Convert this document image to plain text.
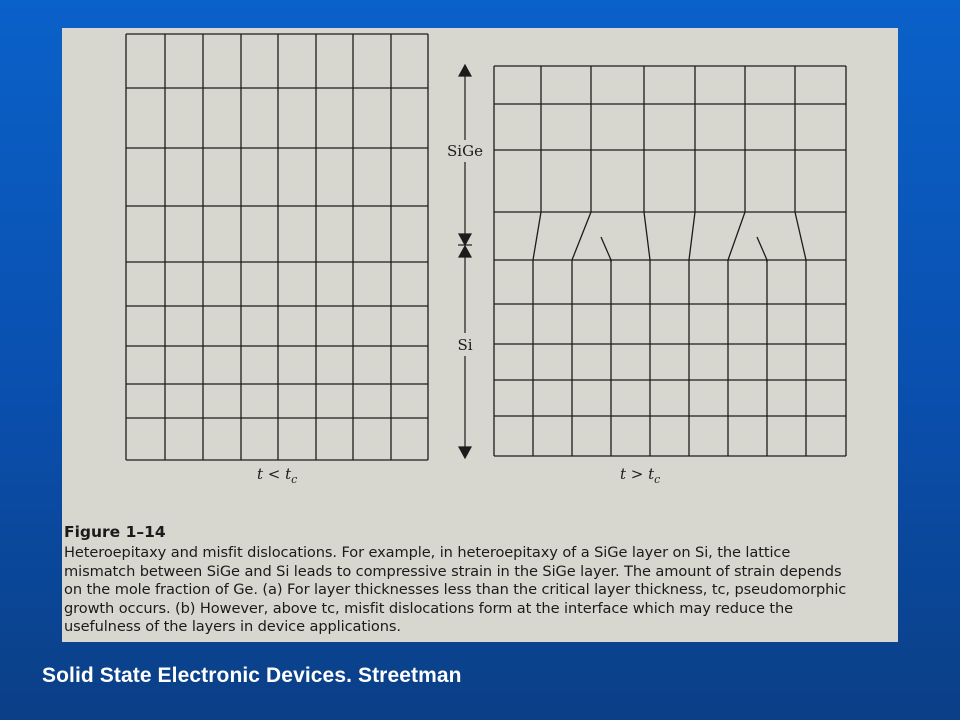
SiGe
Si
$t < t_c$	$t > t_c$

Figure 1–14

Heteroepitaxy and misfit dislocations. For example, in heteroepitaxy of a SiGe layer on Si, the lattice mismatch between SiGe and Si leads to compressive strain in the SiGe layer. The amount of strain depends on the mole fraction of Ge. (a) For layer thicknesses less than the critical layer thickness, tc, pseudomorphic growth occurs. (b) However, above tc, misfit dislocations form at the interface which may reduce the usefulness of the layers in device applications.

Solid State Electronic Devices. Streetman
